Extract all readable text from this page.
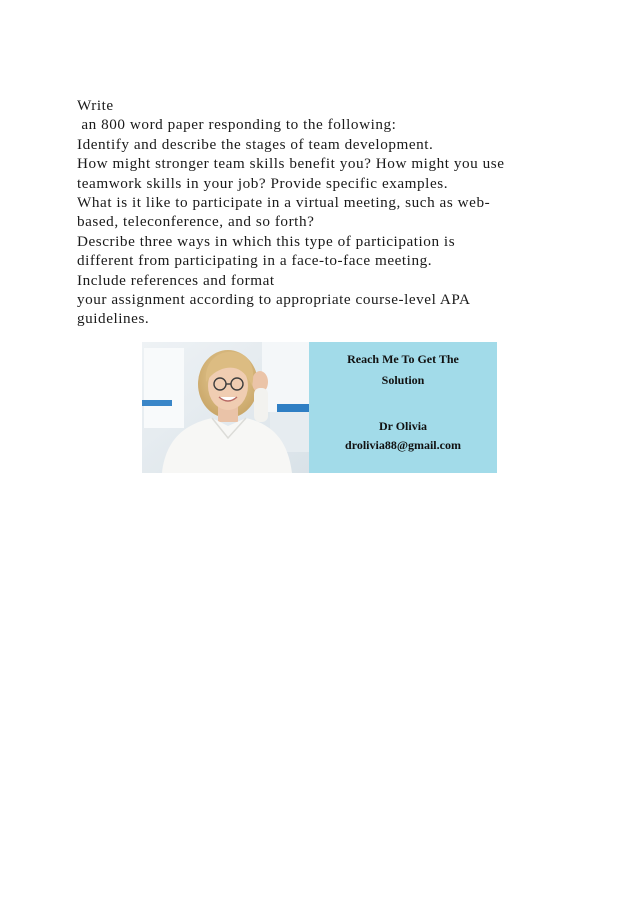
Write
an 800 word paper responding to the following:
Identify and describe the stages of team development.
How might stronger team skills benefit you? How might you use
teamwork skills in your job? Provide specific examples.
What is it like to participate in a virtual meeting, such as web-
based, teleconference, and so forth?
Describe three ways in which this type of participation is
different from participating in a face-to-face meeting.
Include references and format
your assignment according to appropriate course-level APA
guidelines.
Reach Me To Get The
Solution
Dr Olivia
drolivia88@gmail.com
